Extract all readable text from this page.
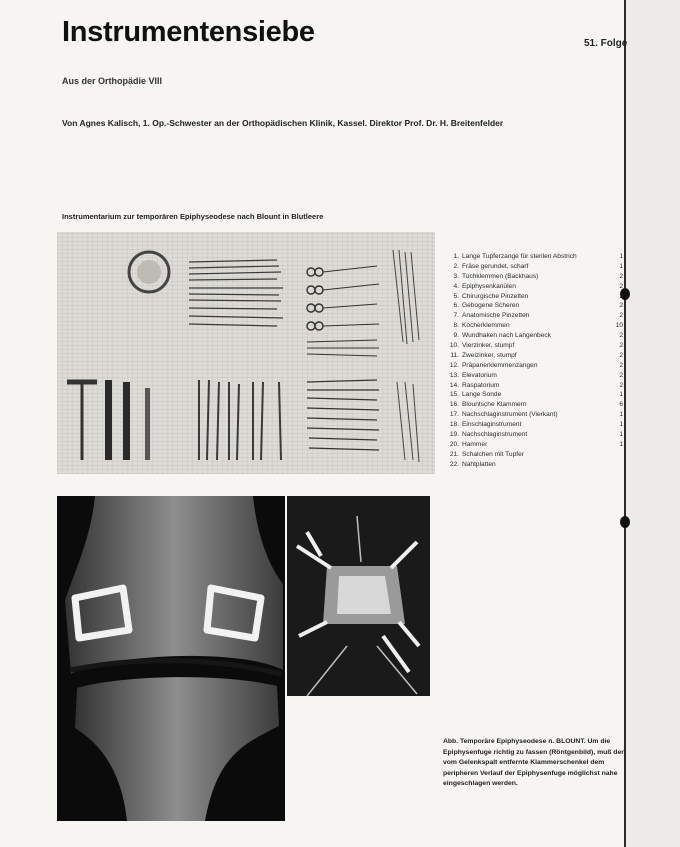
Instrumentensiebe	51. Folge
Aus der Orthopädie VIII
Von Agnes Kalisch, 1. Op.-Schwester an der Orthopädischen Klinik, Kassel. Direktor Prof. Dr. H. Breitenfelder
Instrumentarium zur temporären Epiphyseodese nach Blount in Blutleere
1. Lange Tupferzange für sterilen Abstrich	1
2. Fräse gerundet, scharf	1
3. Tuchklemmen (Backhaus)	2
4. Epiphysenkanülen	2
5. Chirurgische Pinzetten	2
6. Gebogene Scheren	2
7. Anatomische Pinzetten	2
8. Kocherklemmen	10
9. Wundhaken nach Langenbeck	2
10. Vierzinker, stumpf	2
11. Zweizinker, stumpf	2
12. Präparierklemmenzangen	2
13. Elevatorium	2
14. Raspatorium	2
15. Lange Sonde	1
16. Blountsche Klammern	6
17. Nachschlaginstrument (Vierkant)	1
18. Einschlaginstrument	1
19. Nachschlaginstrument	1
20. Hammer	1
21. Schalchen mit Tupfer
22. Nahtplatten
Abb. Temporäre Epiphyseodese n. BLOUNT. Um die Epiphysenfuge richtig zu fassen (Röntgenbild), muß der vom Gelenkspalt entfernte Klammerschenkel dem peripheren Verlauf der Epiphysenfuge möglichst nahe eingeschlagen werden.
